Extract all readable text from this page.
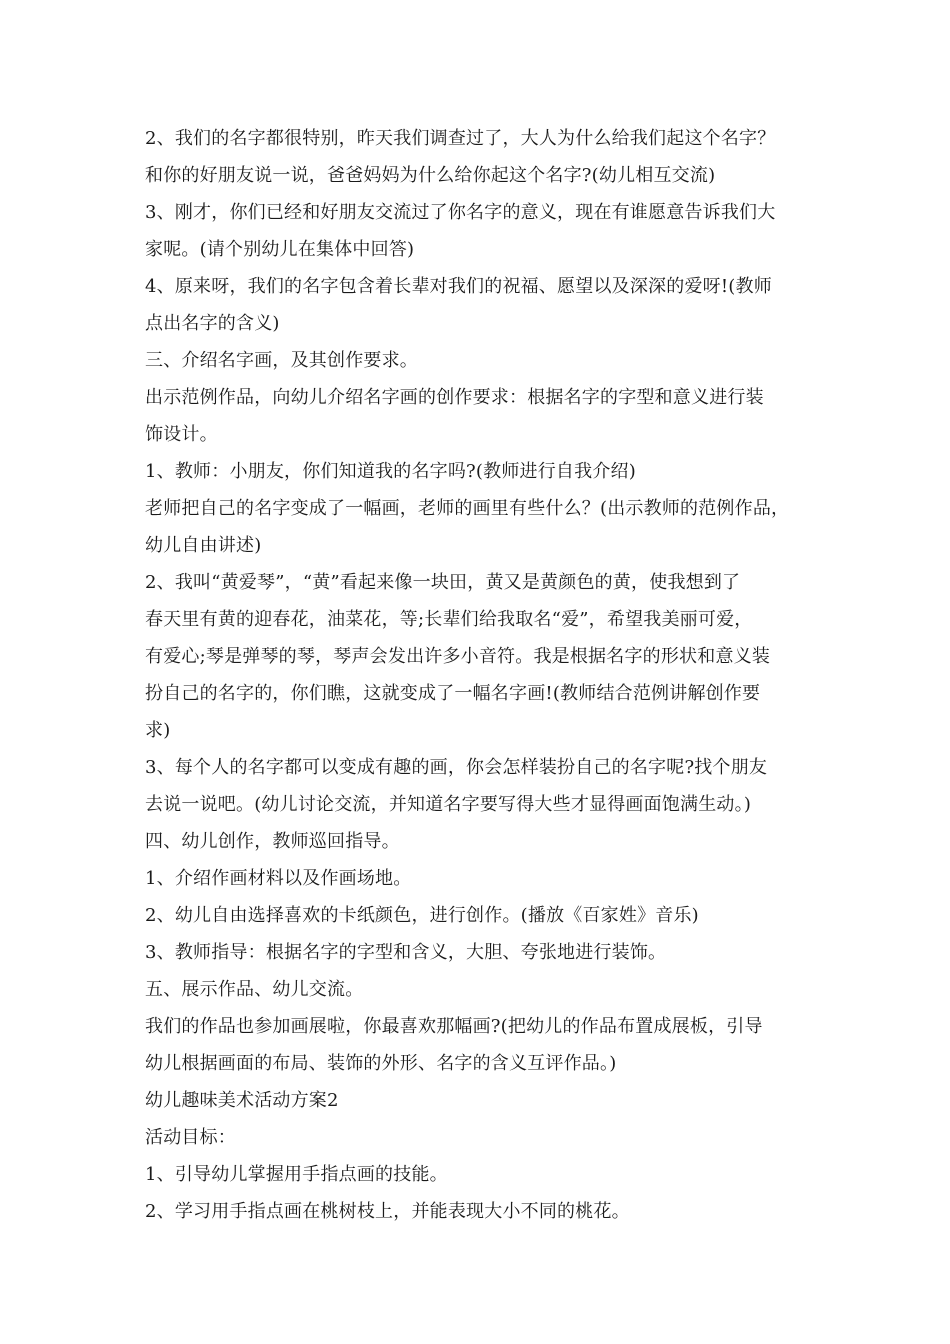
2、我们的名字都很特别，昨天我们调查过了，大人为什么给我们起这个名字？
和你的好朋友说一说，爸爸妈妈为什么给你起这个名字?(幼儿相互交流)
3、刚才，你们已经和好朋友交流过了你名字的意义，现在有谁愿意告诉我们大
家呢。(请个别幼儿在集体中回答)
4、原来呀，我们的名字包含着长辈对我们的祝福、愿望以及深深的爱呀!(教师
点出名字的含义)
三、介绍名字画，及其创作要求。
出示范例作品，向幼儿介绍名字画的创作要求：根据名字的字型和意义进行装
饰设计。
1、教师：小朋友，你们知道我的名字吗?(教师进行自我介绍)
老师把自己的名字变成了一幅画，老师的画里有些什么？(出示教师的范例作品，
幼儿自由讲述)
2、我叫“黄爱琴”，“黄”看起来像一块田，黄又是黄颜色的黄，使我想到了
春天里有黄的迎春花，油菜花，等;长辈们给我取名“爱”，希望我美丽可爱，
有爱心;琴是弹琴的琴，琴声会发出许多小音符。我是根据名字的形状和意义装
扮自己的名字的，你们瞧，这就变成了一幅名字画!(教师结合范例讲解创作要
求)
3、每个人的名字都可以变成有趣的画，你会怎样装扮自己的名字呢?找个朋友
去说一说吧。(幼儿讨论交流，并知道名字要写得大些才显得画面饱满生动。)
四、幼儿创作，教师巡回指导。
1、介绍作画材料以及作画场地。
2、幼儿自由选择喜欢的卡纸颜色，进行创作。(播放《百家姓》音乐)
3、教师指导：根据名字的字型和含义，大胆、夸张地进行装饰。
五、展示作品、幼儿交流。
我们的作品也参加画展啦，你最喜欢那幅画?(把幼儿的作品布置成展板，引导
幼儿根据画面的布局、装饰的外形、名字的含义互评作品。)
幼儿趣味美术活动方案2
活动目标：
1、引导幼儿掌握用手指点画的技能。
2、学习用手指点画在桃树枝上，并能表现大小不同的桃花。
